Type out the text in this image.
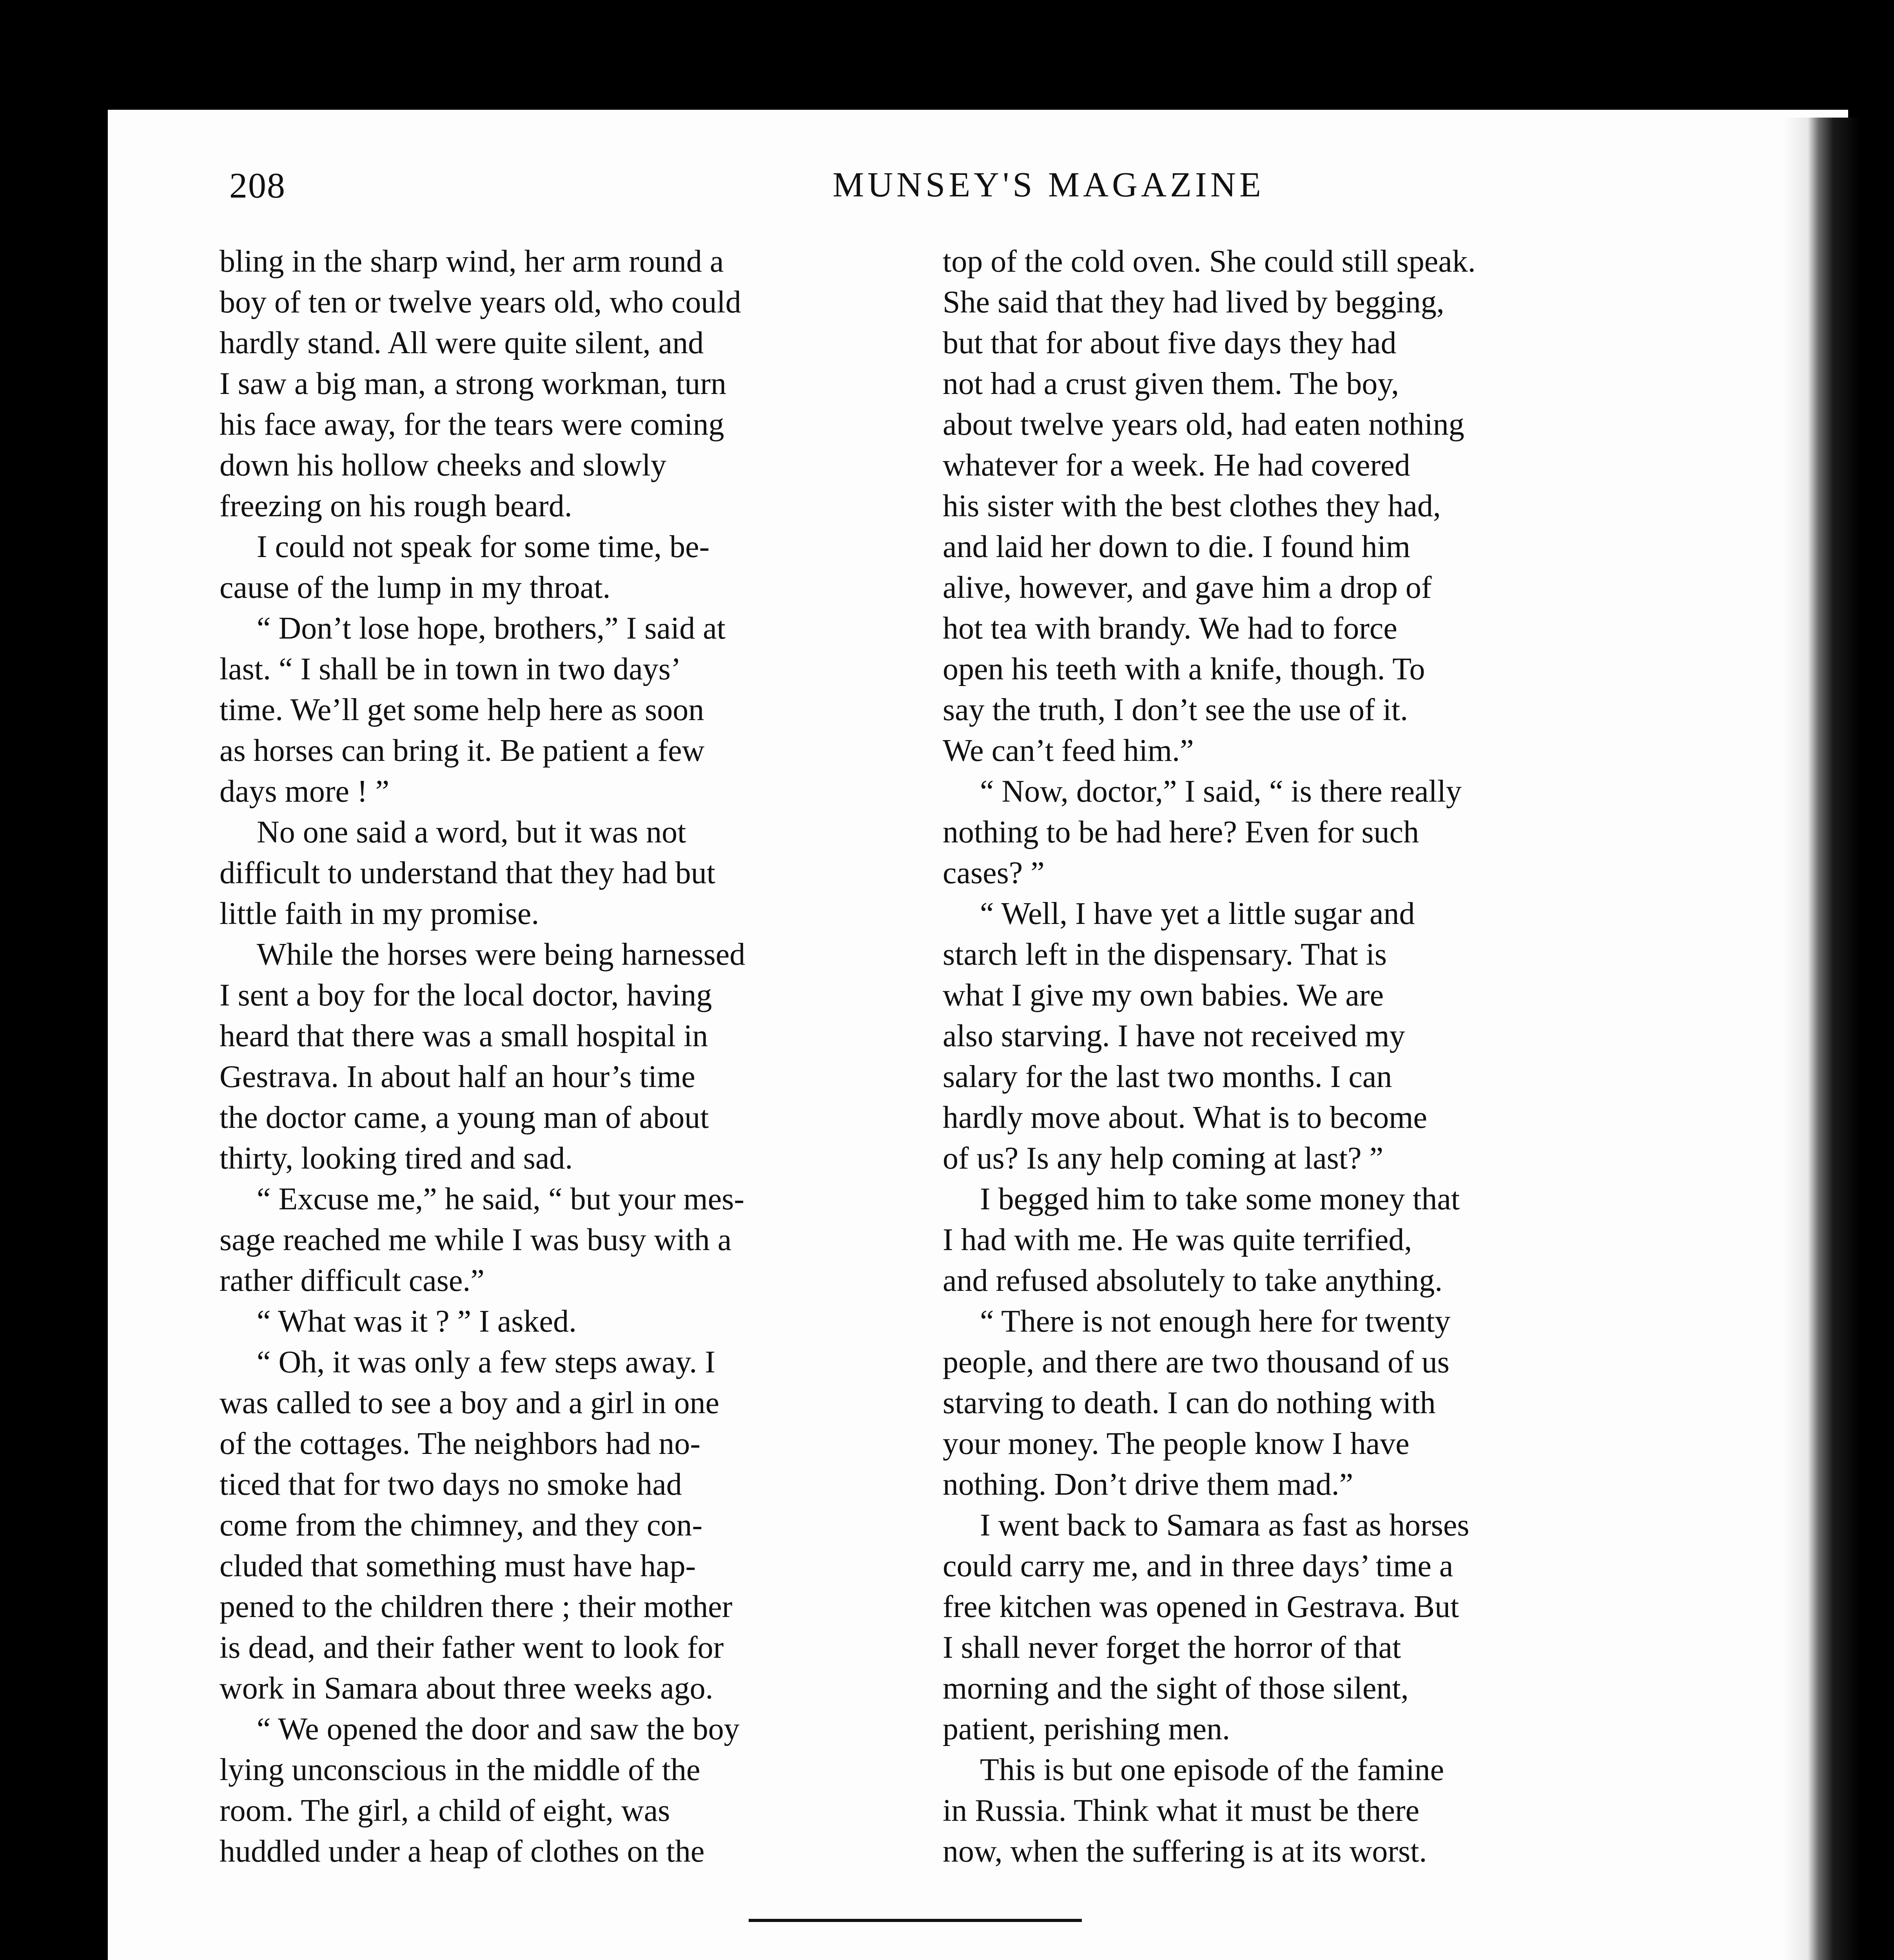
208	MUNSEY'S MAGAZINE
bling in the sharp wind, her arm round a
boy of ten or twelve years old, who could
hardly stand. All were quite silent, and
I saw a big man, a strong workman, turn
his face away, for the tears were coming
down his hollow cheeks and slowly
freezing on his rough beard.
I could not speak for some time, be-
cause of the lump in my throat.
“ Don’t lose hope, brothers,” I said at
last. “ I shall be in town in two days’
time. We’ll get some help here as soon
as horses can bring it. Be patient a few
days more ! ”
No one said a word, but it was not
difficult to understand that they had but
little faith in my promise.
While the horses were being harnessed
I sent a boy for the local doctor, having
heard that there was a small hospital in
Gestrava. In about half an hour’s time
the doctor came, a young man of about
thirty, looking tired and sad.
“ Excuse me,” he said, “ but your mes-
sage reached me while I was busy with a
rather difficult case.”
“ What was it ? ” I asked.
“ Oh, it was only a few steps away. I
was called to see a boy and a girl in one
of the cottages. The neighbors had no-
ticed that for two days no smoke had
come from the chimney, and they con-
cluded that something must have hap-
pened to the children there ; their mother
is dead, and their father went to look for
work in Samara about three weeks ago.
“ We opened the door and saw the boy
lying unconscious in the middle of the
room. The girl, a child of eight, was
huddled under a heap of clothes on the
top of the cold oven. She could still speak.
She said that they had lived by begging,
but that for about five days they had
not had a crust given them. The boy,
about twelve years old, had eaten nothing
whatever for a week. He had covered
his sister with the best clothes they had,
and laid her down to die. I found him
alive, however, and gave him a drop of
hot tea with brandy. We had to force
open his teeth with a knife, though. To
say the truth, I don’t see the use of it.
We can’t feed him.”
“ Now, doctor,” I said, “ is there really
nothing to be had here? Even for such
cases? ”
“ Well, I have yet a little sugar and
starch left in the dispensary. That is
what I give my own babies. We are
also starving. I have not received my
salary for the last two months. I can
hardly move about. What is to become
of us? Is any help coming at last? ”
I begged him to take some money that
I had with me. He was quite terrified,
and refused absolutely to take anything.
“ There is not enough here for twenty
people, and there are two thousand of us
starving to death. I can do nothing with
your money. The people know I have
nothing. Don’t drive them mad.”
I went back to Samara as fast as horses
could carry me, and in three days’ time a
free kitchen was opened in Gestrava. But
I shall never forget the horror of that
morning and the sight of those silent,
patient, perishing men.
This is but one episode of the famine
in Russia. Think what it must be there
now, when the suffering is at its worst.
